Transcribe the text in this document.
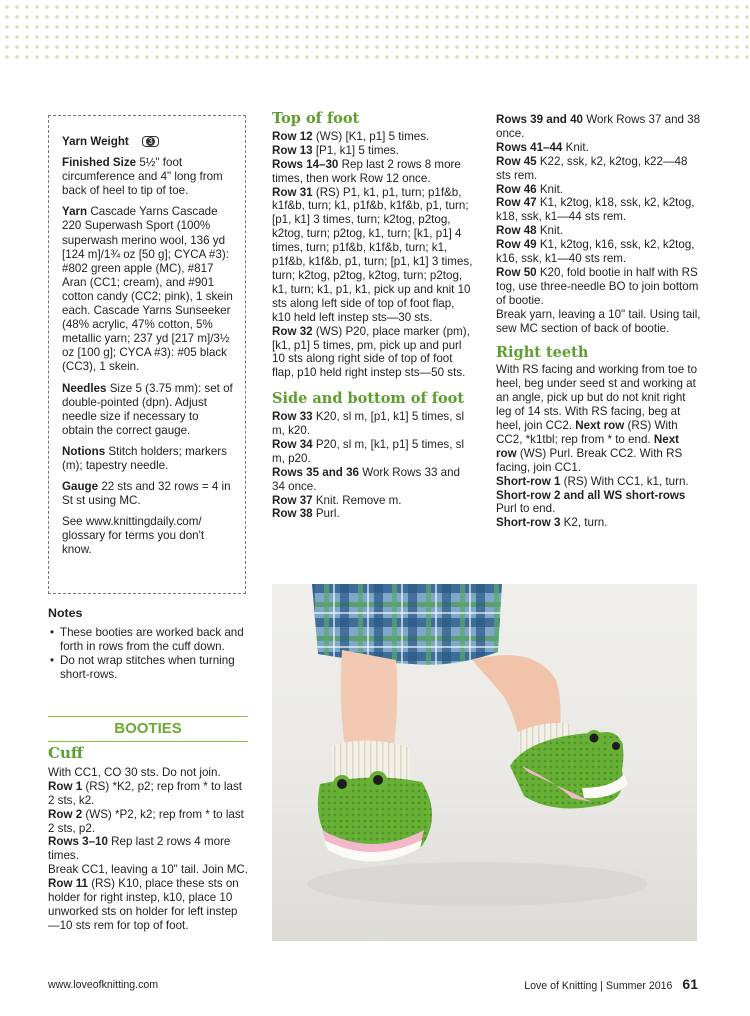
Yarn Weight 3

Finished Size 5½" foot circumference and 4" long from back of heel to tip of toe.

Yarn Cascade Yarns Cascade 220 Superwash Sport (100% superwash merino wool, 136 yd [124 m]/1¾ oz [50 g]; CYCA #3): #802 green apple (MC), #817 Aran (CC1; cream), and #901 cotton candy (CC2; pink), 1 skein each. Cascade Yarns Sunseeker (48% acrylic, 47% cotton, 5% metallic yarn; 237 yd [217 m]/3½ oz [100 g]; CYCA #3): #05 black (CC3), 1 skein.

Needles Size 5 (3.75 mm): set of double-pointed (dpn). Adjust needle size if necessary to obtain the correct gauge.

Notions Stitch holders; markers (m); tapestry needle.

Gauge 22 sts and 32 rows = 4 in St st using MC.

See www.knittingdaily.com/ glossary for terms you don't know.

Notes
• These booties are worked back and forth in rows from the cuff down.
• Do not wrap stitches when turning short-rows.
BOOTIES

Cuff

With CC1, CO 30 sts. Do not join.

Row 1 (RS) *K2, p2; rep from * to last 2 sts, k2.

Row 2 (WS) *P2, k2; rep from * to last 2 sts, p2.

Rows 3–10 Rep last 2 rows 4 more times.

Break CC1, leaving a 10" tail. Join MC.

Row 11 (RS) K10, place these sts on holder for right instep, k10, place 10 unworked sts on holder for left instep—10 sts rem for top of foot.

Top of foot

Row 12 (WS) [K1, p1] 5 times.

Row 13 [P1, k1] 5 times.

Rows 14–30 Rep last 2 rows 8 more times, then work Row 12 once.

Row 31 (RS) P1, k1, p1, turn; p1f&b, k1f&b, turn; k1, p1f&b, k1f&b, p1, turn; [p1, k1] 3 times, turn; k2tog, p2tog, k2tog, turn; p2tog, k1, turn; [k1, p1] 4 times, turn; p1f&b, k1f&b, turn; k1, p1f&b, k1f&b, p1, turn; [p1, k1] 3 times, turn; k2tog, p2tog, k2tog, turn; p2tog, k1, turn; k1, p1, k1, pick up and knit 10 sts along left side of top of foot flap, k10 held left instep sts—30 sts.

Row 32 (WS) P20, place marker (pm), [k1, p1] 5 times, pm, pick up and purl 10 sts along right side of top of foot flap, p10 held right instep sts—50 sts.

Side and bottom of foot

Row 33 K20, sl m, [p1, k1] 5 times, sl m, k20.

Row 34 P20, sl m, [k1, p1] 5 times, sl m, p20.

Rows 35 and 36 Work Rows 33 and 34 once.

Row 37 Knit. Remove m.

Row 38 Purl.

Rows 39 and 40 Work Rows 37 and 38 once.

Rows 41–44 Knit.

Row 45 K22, ssk, k2, k2tog, k22—48 sts rem.

Row 46 Knit.

Row 47 K1, k2tog, k18, ssk, k2, k2tog, k18, ssk, k1—44 sts rem.

Row 48 Knit.

Row 49 K1, k2tog, k16, ssk, k2, k2tog, k16, ssk, k1—40 sts rem.

Row 50 K20, fold bootie in half with RS tog, use three-needle BO to join bottom of bootie.

Break yarn, leaving a 10" tail. Using tail, sew MC section of back of bootie.

Right teeth

With RS facing and working from toe to heel, beg under seed st and working at an angle, pick up but do not knit right leg of 14 sts. With RS facing, beg at heel, join CC2. Next row (RS) With CC2, *k1tbl; rep from * to end. Next row (WS) Purl. Break CC2. With RS facing, join CC1.

Short-row 1 (RS) With CC1, k1, turn.

Short-row 2 and all WS short-rows Purl to end.

Short-row 3 K2, turn.

www.loveofknitting.com	Love of Knitting | Summer 2016 61
